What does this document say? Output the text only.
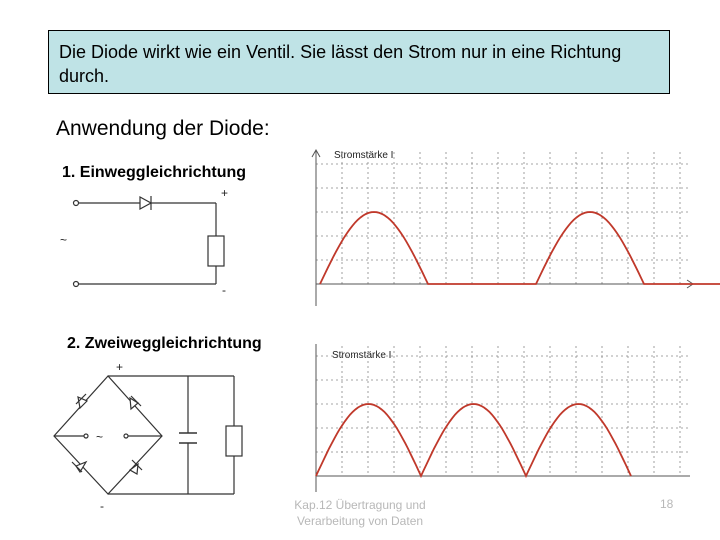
Die Diode wirkt wie ein Ventil. Sie lässt den Strom nur in eine Richtung durch.
Anwendung der Diode:
1. Einweggleichrichtung
2. Zweiweggleichrichtung
Stromstärke I
Stromstärke I
+
-
~
+
-
~
Kap.12 Übertragung und
Verarbeitung von Daten
18
